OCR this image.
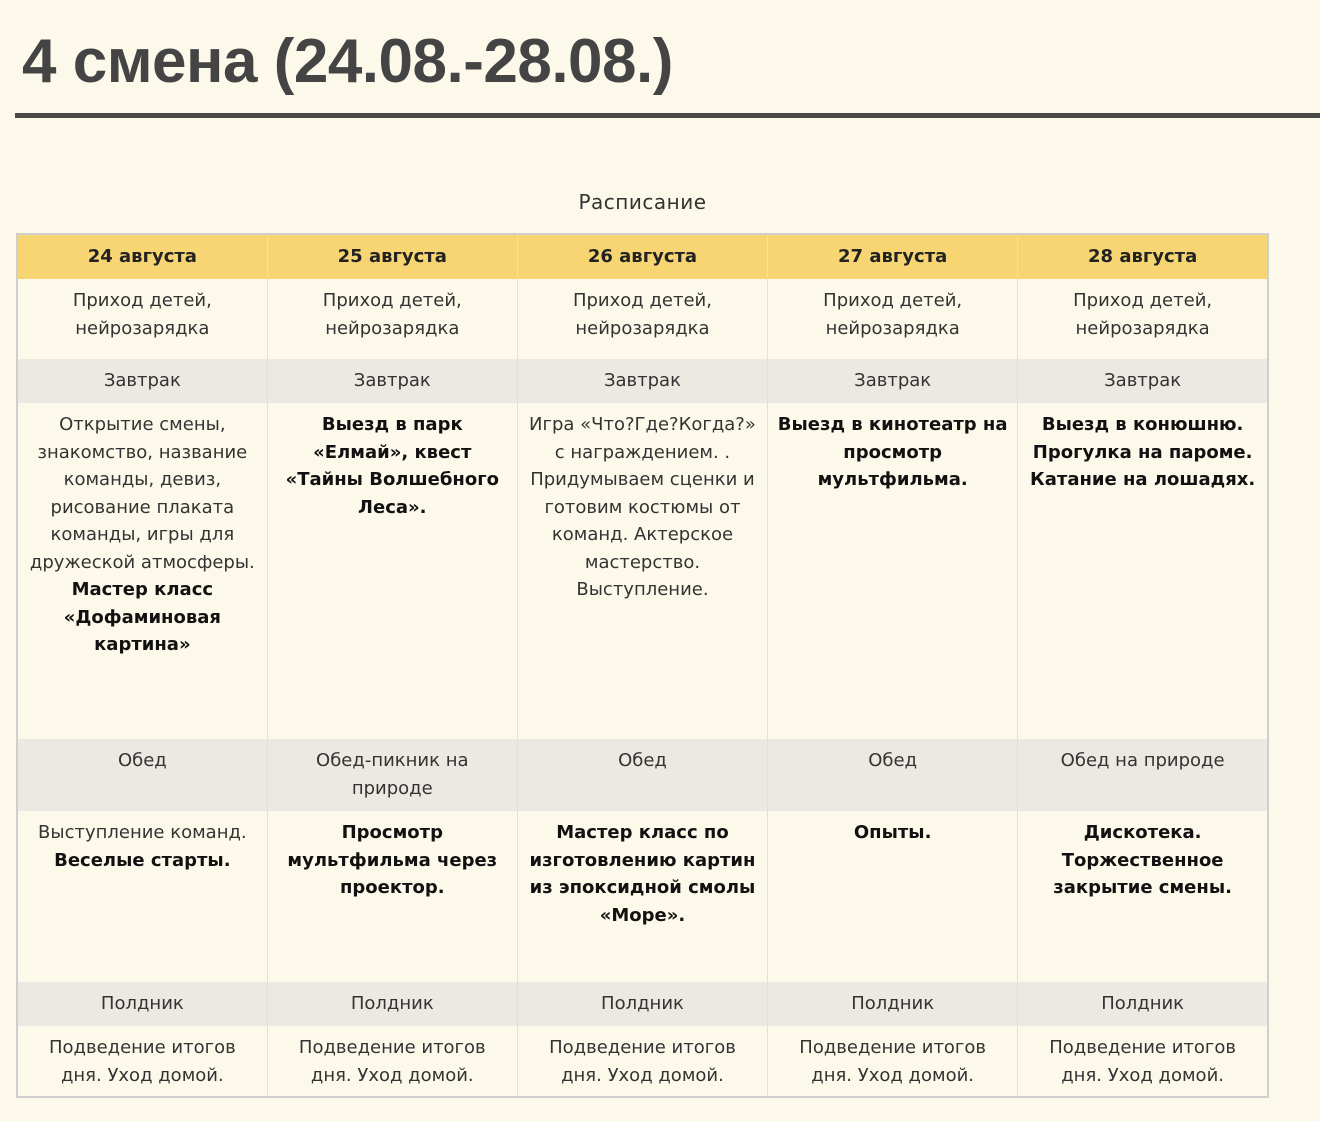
4 смена (24.08.-28.08.)
Расписание
24 августа	25 августа	26 августа	27 августа	28 августа
Приход детей, нейрозарядка	Приход детей, нейрозарядка	Приход детей, нейрозарядка	Приход детей, нейрозарядка	Приход детей, нейрозарядка
Завтрак	Завтрак	Завтрак	Завтрак	Завтрак
Открытие смены, знакомство, название команды, девиз, рисование плаката команды, игры для дружеской атмосферы. Мастер класс «Дофаминовая картина»	Выезд в парк «Елмай», квест «Тайны Волшебного Леса».	Игра «Что?Где?Когда?» с награждением. . Придумываем сценки и готовим костюмы от команд. Актерское мастерство. Выступление.	Выезд в кинотеатр на просмотр мультфильма.	Выезд в конюшню. Прогулка на пароме. Катание на лошадях.
Обед	Обед-пикник на природе	Обед	Обед	Обед на природе
Выступление команд. Веселые старты.	Просмотр мультфильма через проектор.	Мастер класс по изготовлению картин из эпоксидной смолы «Море».	Опыты.	Дискотека. Торжественное закрытие смены.
Полдник	Полдник	Полдник	Полдник	Полдник
Подведение итогов дня. Уход домой.	Подведение итогов дня. Уход домой.	Подведение итогов дня. Уход домой.	Подведение итогов дня. Уход домой.	Подведение итогов дня. Уход домой.
